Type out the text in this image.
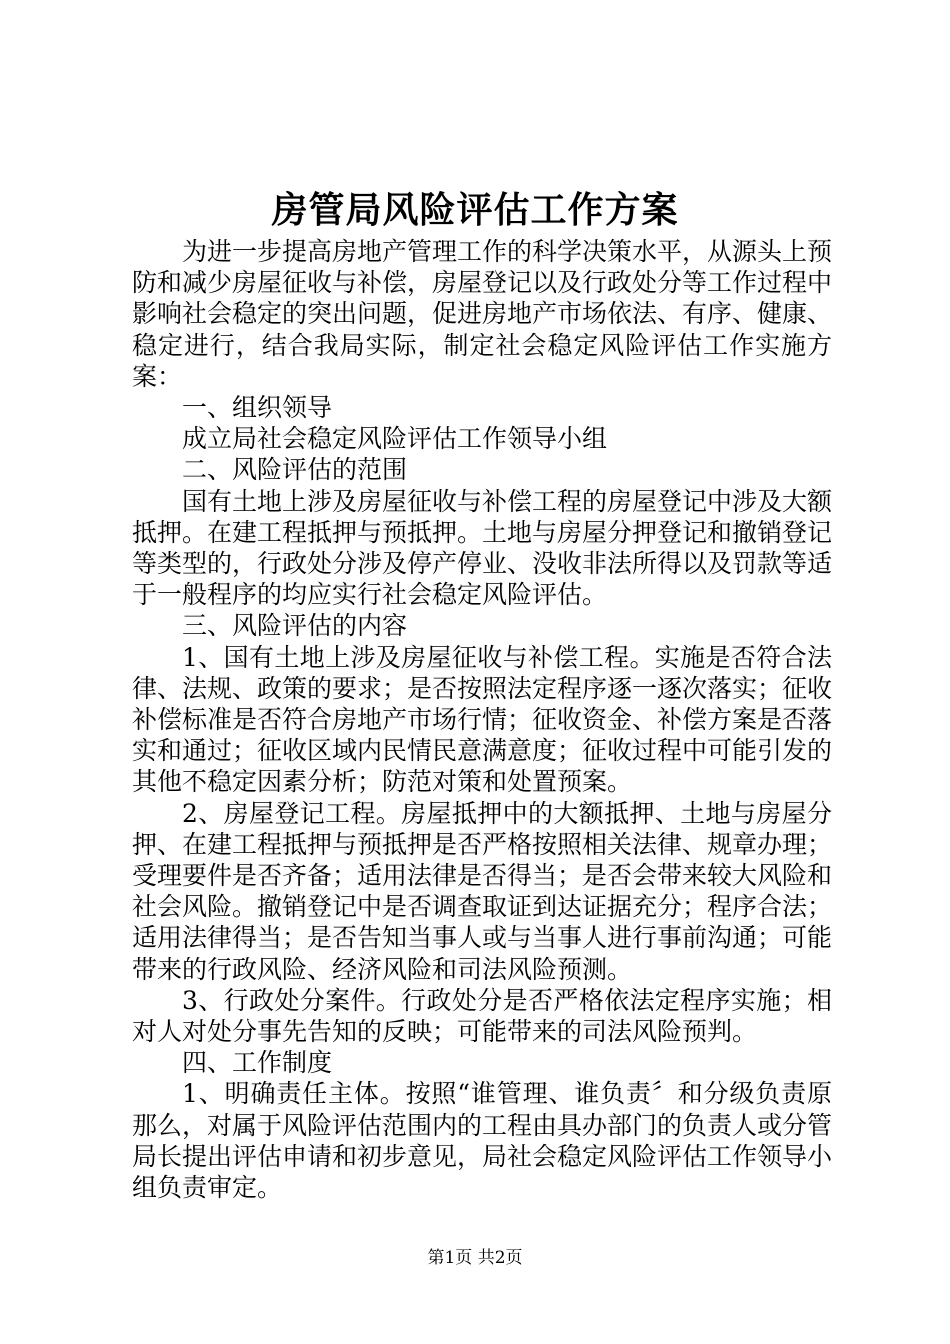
房管局风险评估工作方案

为进一步提高房地产管理工作的科学决策水平，从源头上预防和减少房屋征收与补偿，房屋登记以及行政处分等工作过程中影响社会稳定的突出问题，促进房地产市场依法、有序、健康、稳定进行，结合我局实际，制定社会稳定风险评估工作实施方案：

一、组织领导

成立局社会稳定风险评估工作领导小组

二、风险评估的范围

国有土地上涉及房屋征收与补偿工程的房屋登记中涉及大额抵押。在建工程抵押与预抵押。土地与房屋分押登记和撤销登记等类型的，行政处分涉及停产停业、没收非法所得以及罚款等适于一般程序的均应实行社会稳定风险评估。

三、风险评估的内容

1、国有土地上涉及房屋征收与补偿工程。实施是否符合法律、法规、政策的要求；是否按照法定程序逐一逐次落实；征收补偿标准是否符合房地产市场行情；征收资金、补偿方案是否落实和通过；征收区域内民情民意满意度；征收过程中可能引发的其他不稳定因素分析；防范对策和处置预案。

2、房屋登记工程。房屋抵押中的大额抵押、土地与房屋分押、在建工程抵押与预抵押是否严格按照相关法律、规章办理；受理要件是否齐备；适用法律是否得当；是否会带来较大风险和社会风险。撤销登记中是否调查取证到达证据充分；程序合法；适用法律得当；是否告知当事人或与当事人进行事前沟通；可能带来的行政风险、经济风险和司法风险预测。

3、行政处分案件。行政处分是否严格依法定程序实施；相对人对处分事先告知的反映；可能带来的司法风险预判。

四、工作制度

1、明确责任主体。按照“谁管理、谁负责〞和分级负责原那么，对属于风险评估范围内的工程由具办部门的负责人或分管局长提出评估申请和初步意见，局社会稳定风险评估工作领导小组负责审定。

第1页 共2页
